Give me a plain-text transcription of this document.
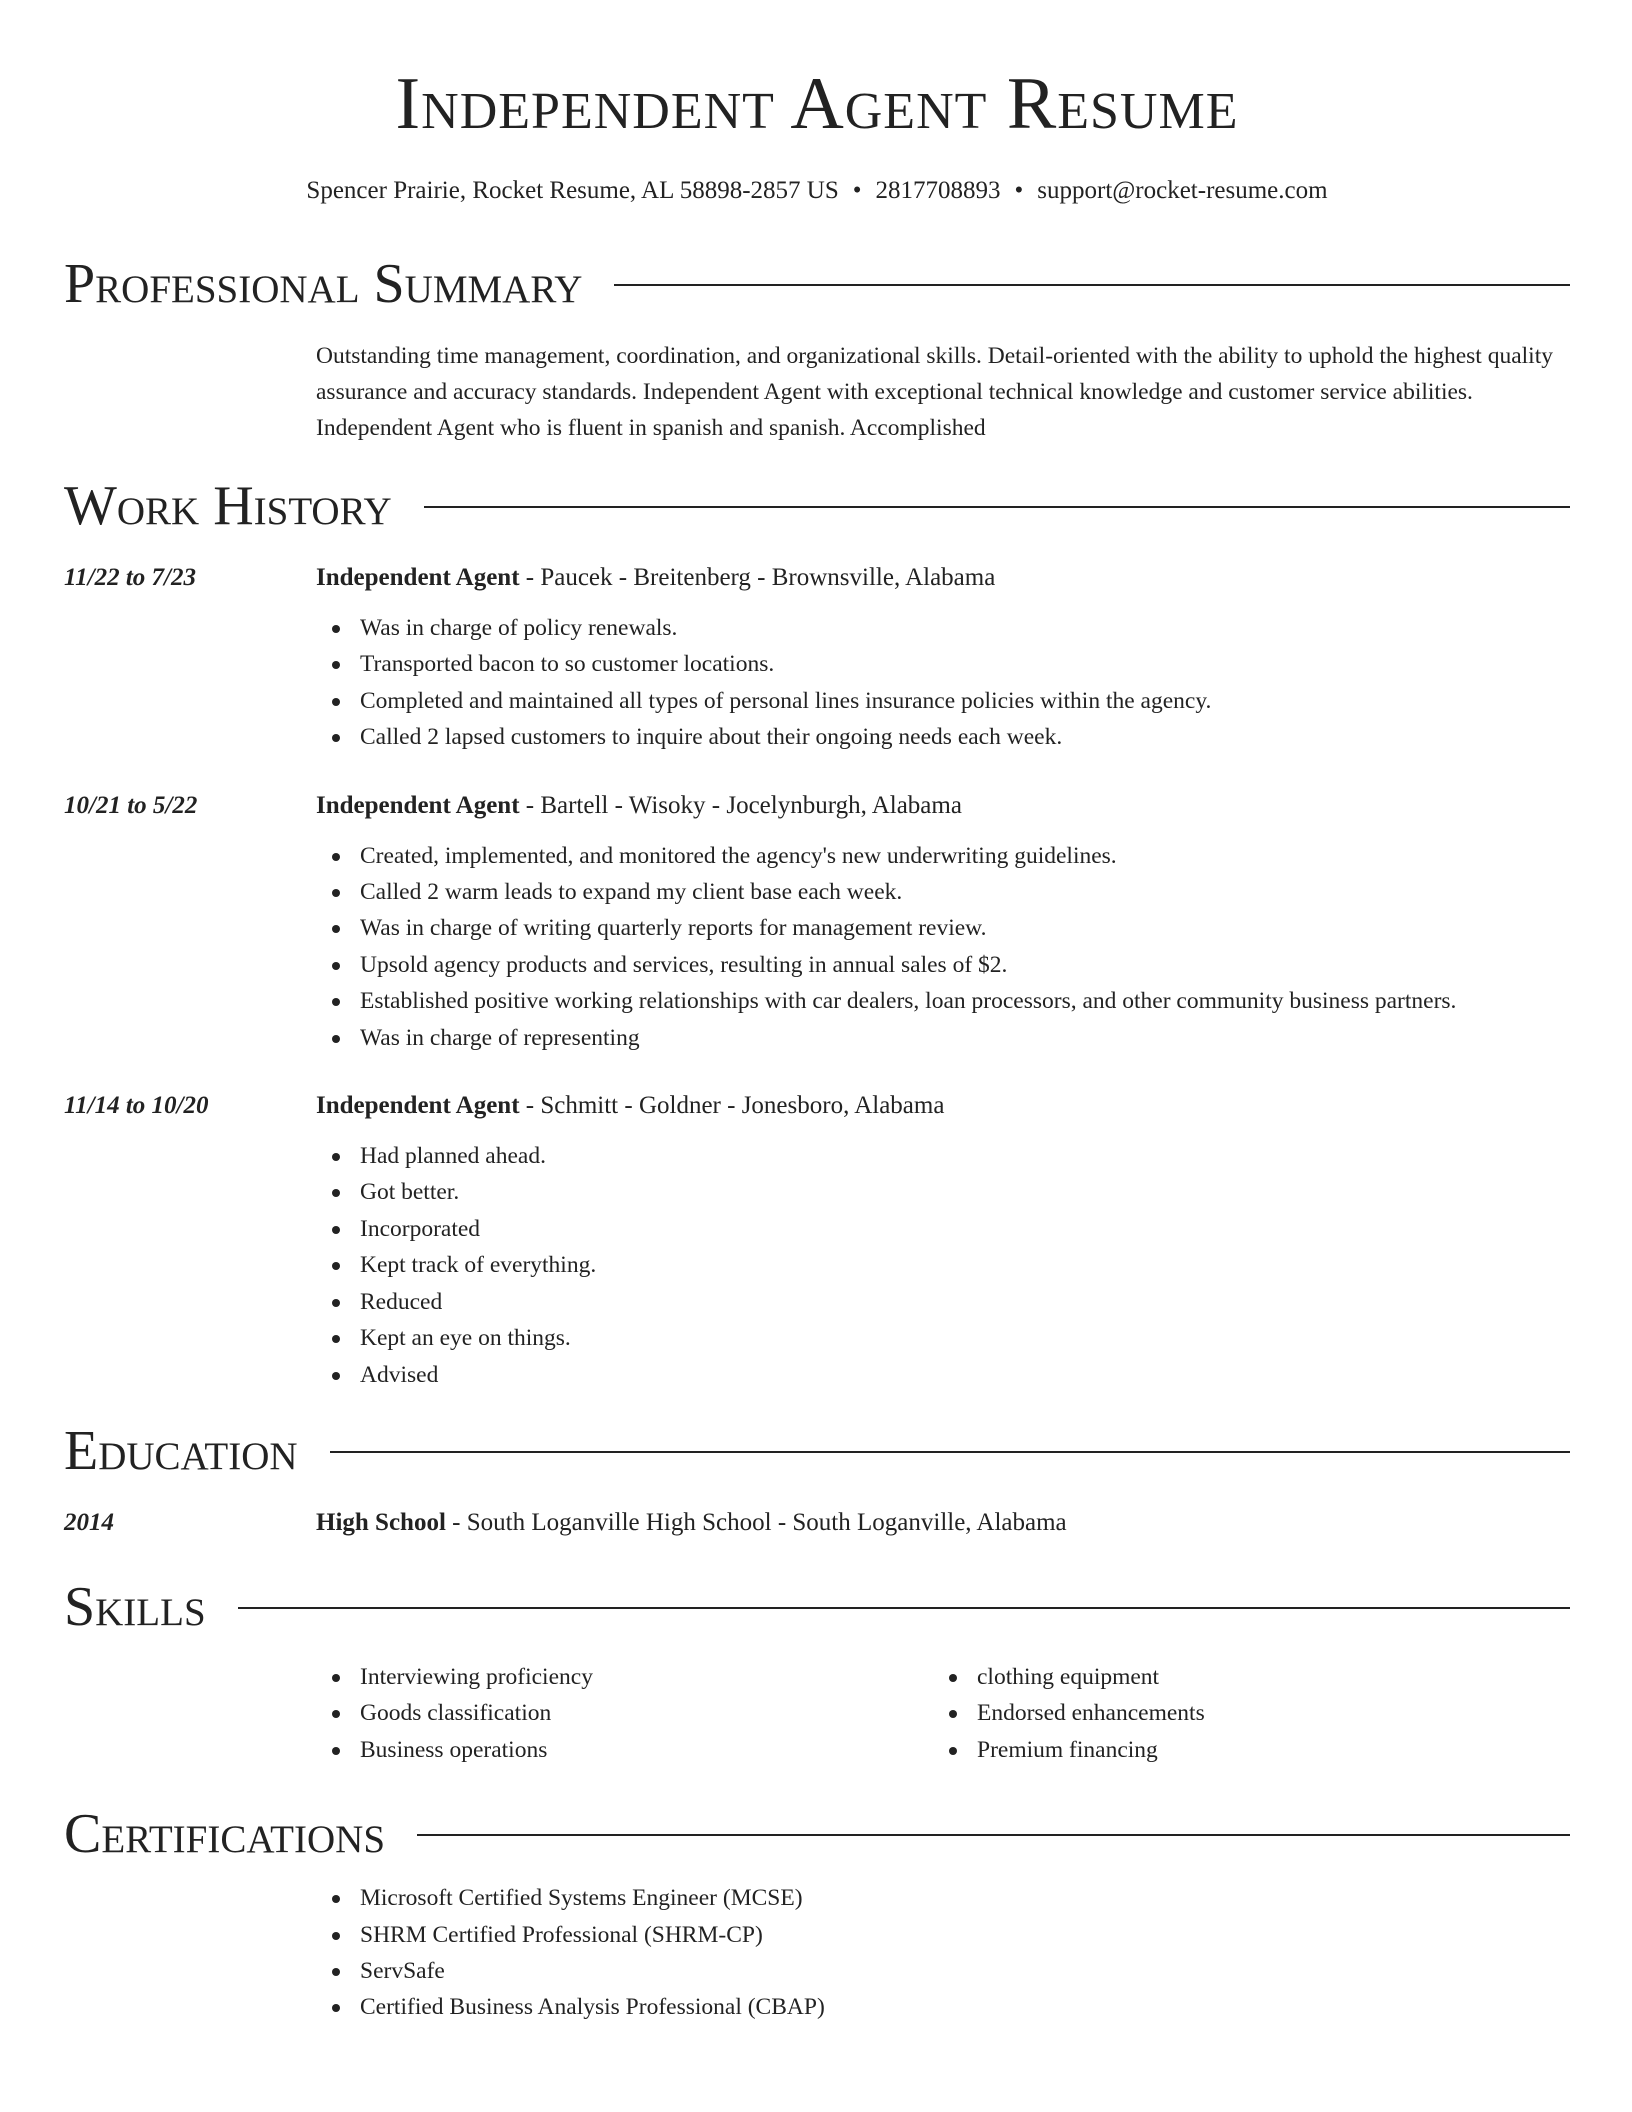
Independent Agent Resume
Spencer Prairie, Rocket Resume, AL 58898-2857 US • 2817708893 • support@rocket-resume.com
Professional Summary

Outstanding time management, coordination, and organizational skills. Detail-oriented with the ability to uphold the highest quality assurance and accuracy standards. Independent Agent with exceptional technical knowledge and customer service abilities. Independent Agent who is fluent in spanish and spanish. Accomplished

Work History
11/22 to 7/23	Independent Agent - Paucek - Breitenberg - Brownsville, Alabama
Was in charge of policy renewals.
Transported bacon to so customer locations.
Completed and maintained all types of personal lines insurance policies within the agency.
Called 2 lapsed customers to inquire about their ongoing needs each week.
10/21 to 5/22	Independent Agent - Bartell - Wisoky - Jocelynburgh, Alabama
Created, implemented, and monitored the agency's new underwriting guidelines.
Called 2 warm leads to expand my client base each week.
Was in charge of writing quarterly reports for management review.
Upsold agency products and services, resulting in annual sales of $2.
Established positive working relationships with car dealers, loan processors, and other community business partners.
Was in charge of representing
11/14 to 10/20	Independent Agent - Schmitt - Goldner - Jonesboro, Alabama
Had planned ahead.
Got better.
Incorporated
Kept track of everything.
Reduced
Kept an eye on things.
Advised
Education
2014	High School - South Loganville High School - South Loganville, Alabama
Skills
Interviewing proficiency
Goods classification
Business operations
clothing equipment
Endorsed enhancements
Premium financing
Certifications
Microsoft Certified Systems Engineer (MCSE)
SHRM Certified Professional (SHRM-CP)
ServSafe
Certified Business Analysis Professional (CBAP)
